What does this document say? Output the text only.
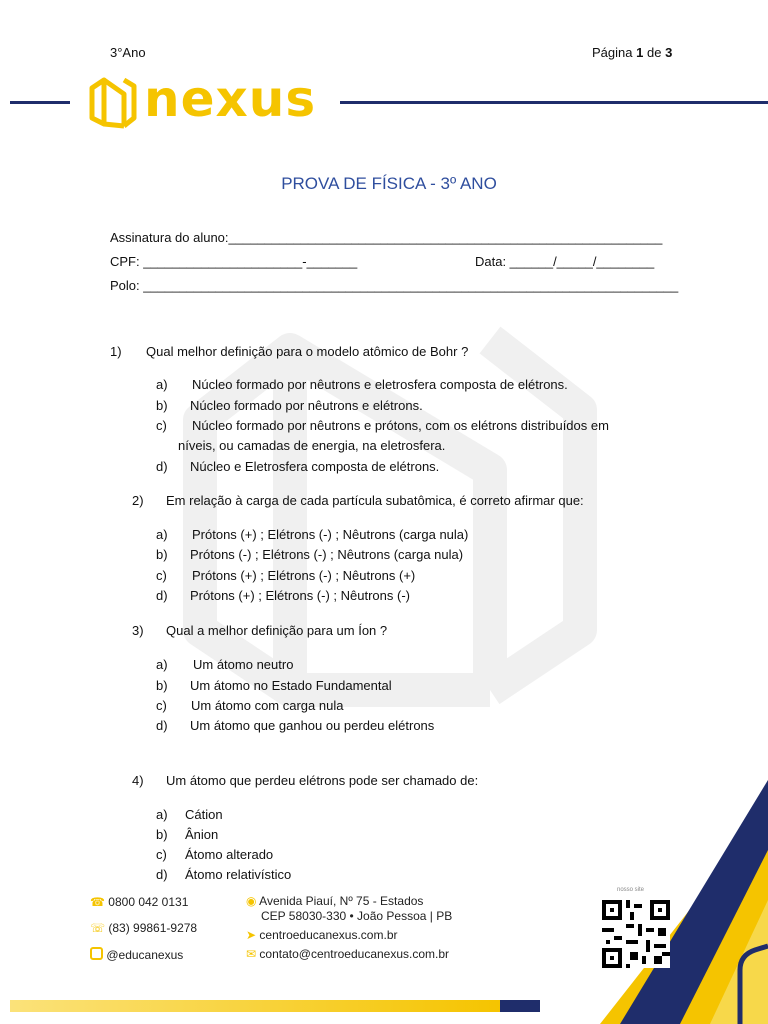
3°Ano	Página 1 de 3
nexus
PROVA DE FÍSICA - 3º ANO
Assinatura do aluno:____________________________________________________________
CPF: ______________________-_______	Data: ______/_____/________
Polo: __________________________________________________________________________
1) Qual melhor definição para o modelo atômico de Bohr ?
a) Núcleo formado por nêutrons e eletrosfera composta de elétrons.
b) Núcleo formado por nêutrons e elétrons.
c) Núcleo formado por nêutrons e prótons, com os elétrons distribuídos em
níveis, ou camadas de energia, na eletrosfera.
d) Núcleo e Eletrosfera composta de elétrons.
2) Em relação à carga de cada partícula subatômica, é correto afirmar que:
a) Prótons (+) ; Elétrons (-) ; Nêutrons (carga nula)
b) Prótons (-) ; Elétrons (-) ; Nêutrons (carga nula)
c) Prótons (+) ; Elétrons (-) ; Nêutrons (+)
d) Prótons (+) ; Elétrons (-) ; Nêutrons (-)
3) Qual a melhor definição para um Íon ?
a) Um átomo neutro
b) Um átomo no Estado Fundamental
c) Um átomo com carga nula
d) Um átomo que ganhou ou perdeu elétrons
4) Um átomo que perdeu elétrons pode ser chamado de:
a) Cátion
b) Ânion
c) Átomo alterado
d) Átomo relativístico
☎ 0800 042 0131
☏ (83) 99861-9278
@educanexus
◉ Avenida Piauí, Nº 75 - Estados
CEP 58030-330 • João Pessoa | PB
➤ centroeducanexus.com.br
✉ contato@centroeducanexus.com.br
nosso site
